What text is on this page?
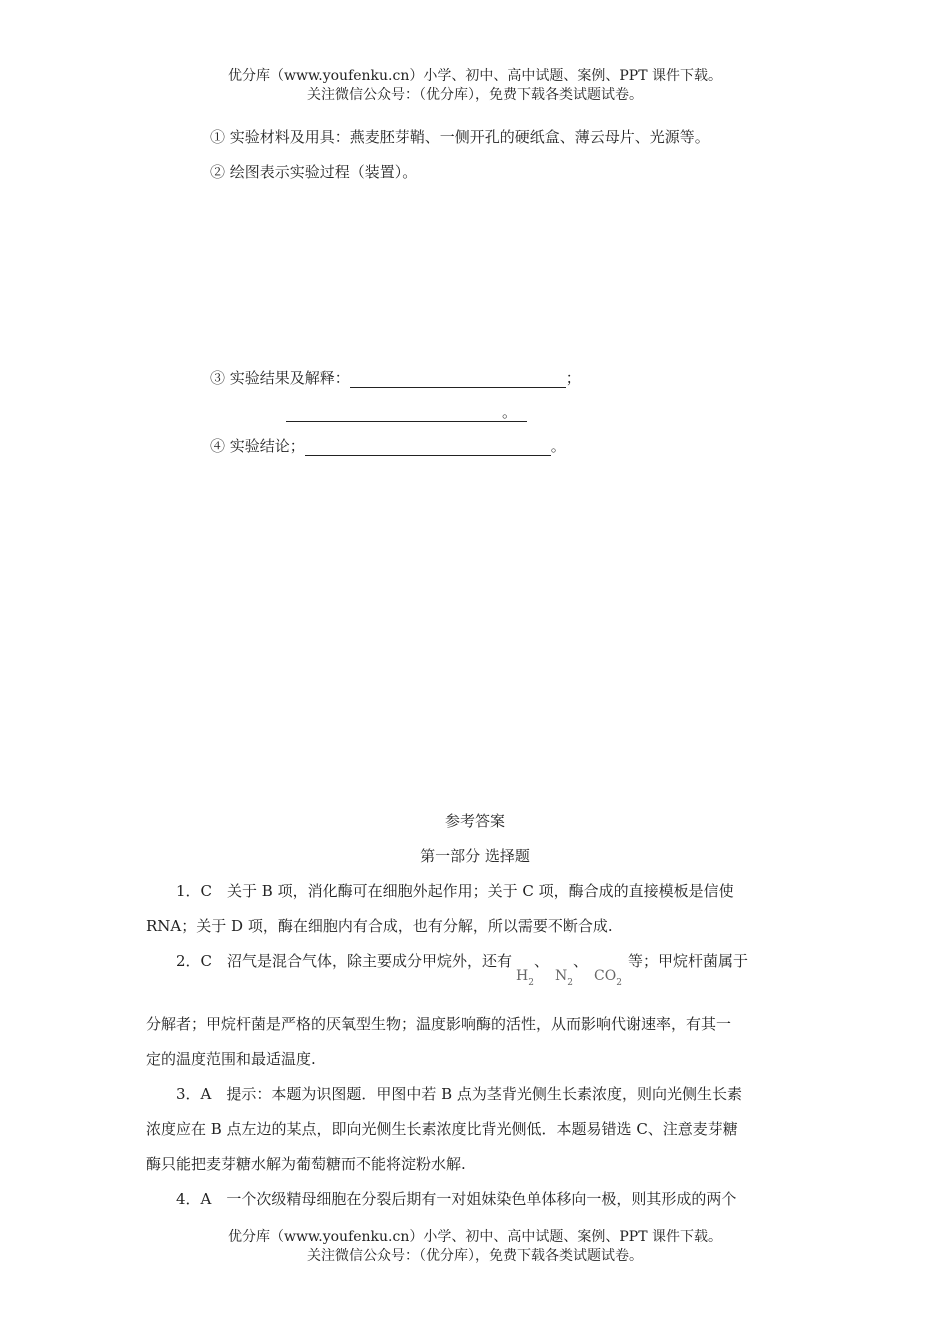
优分库（www.youfenku.cn）小学、初中、高中试题、案例、PPT 课件下载。
关注微信公众号：（优分库），免费下载各类试题试卷。
① 实验材料及用具：燕麦胚芽鞘、一侧开孔的硬纸盒、薄云母片、光源等。
② 绘图表示实验过程（装置）。
③ 实验结果及解释：	；
。
④ 实验结论；	。
参考答案
第一部分 选择题
1．C　关于 B 项，消化酶可在细胞外起作用；关于 C 项，酶合成的直接模板是信使
RNA；关于 D 项，酶在细胞内有合成，也有分解，所以需要不断合成.
2．C　沼气是混合气体，除主要成分甲烷外，还有$H_2$、$N_2$、$CO_2$等；甲烷杆菌属于
分解者；甲烷杆菌是严格的厌氧型生物；温度影响酶的活性，从而影响代谢速率，有其一
定的温度范围和最适温度.
3．A　提示：本题为识图题．甲图中若 B 点为茎背光侧生长素浓度，则向光侧生长素
浓度应在 B 点左边的某点，即向光侧生长素浓度比背光侧低．本题易错选 C、注意麦芽糖
酶只能把麦芽糖水解为葡萄糖而不能将淀粉水解.
4．A　一个次级精母细胞在分裂后期有一对姐妹染色单体移向一极，则其形成的两个
优分库（www.youfenku.cn）小学、初中、高中试题、案例、PPT 课件下载。
关注微信公众号：（优分库），免费下载各类试题试卷。
